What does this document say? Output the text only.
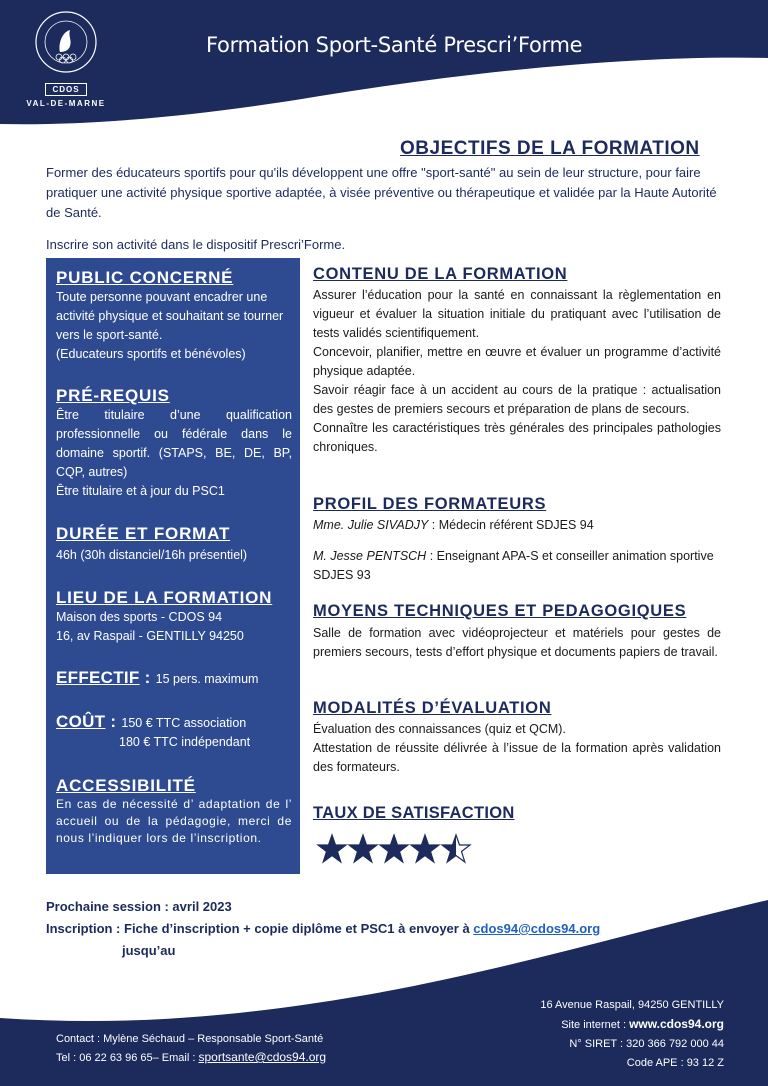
CDOS
VAL-DE-MARNE
Formation Sport-Santé Prescri’Forme
OBJECTIFS DE LA FORMATION

Former des éducateurs sportifs pour qu'ils développent une offre "sport-santé" au sein de leur structure, pour faire pratiquer une activité physique sportive adaptée, à visée préventive ou thérapeutique et validée par la Haute Autorité de Santé.

Inscrire son activité dans le dispositif Prescri’Forme.

PUBLIC CONCERNÉ

Toute personne pouvant encadrer une activité physique et souhaitant se tourner vers le sport-santé.

(Educateurs sportifs et bénévoles)

PRÉ-REQUIS

Être titulaire d’une qualification professionnelle ou fédérale dans le domaine sportif. (STAPS, BE, DE, BP, CQP, autres)

Être titulaire et à jour du PSC1

DURÉE ET FORMAT
46h (30h distanciel/16h présentiel)
LIEU DE LA FORMATION

Maison des sports - CDOS 94

16, av Raspail - GENTILLY 94250

EFFECTIF : 15 pers. maximum
COÛT : 150 € TTC association
180 € TTC indépendant
ACCESSIBILITÉ
En cas de nécessité d’ adaptation de l’ accueil ou de la pédagogie, merci de nous l’indiquer lors de l’inscription.
CONTENU DE LA FORMATION

Assurer l’éducation pour la santé en connaissant la règlementation en vigueur et évaluer la situation initiale du pratiquant avec l’utilisation de tests validés scientifiquement.

Concevoir, planifier, mettre en œuvre et évaluer un programme d’activité physique adaptée.

Savoir réagir face à un accident au cours de la pratique : actualisation des gestes de premiers secours et préparation de plans de secours.

Connaître les caractéristiques très générales des principales pathologies chroniques.

PROFIL DES FORMATEURS

Mme. Julie SIVADJY : Médecin référent SDJES 94

M. Jesse PENTSCH : Enseignant APA-S et conseiller animation sportive SDJES 93

MOYENS TECHNIQUES ET PEDAGOGIQUES
Salle de formation avec vidéoprojecteur et matériels pour gestes de premiers secours, tests d’effort physique et documents papiers de travail.
MODALITÉS D’ÉVALUATION

Évaluation des connaissances (quiz et QCM).

Attestation de réussite délivrée à l’issue de la formation après validation des formateurs.

TAUX DE SATISFACTION
Prochaine session : avril 2023
Inscription : Fiche d’inscription + copie diplôme et PSC1 à envoyer à cdos94@cdos94.org
jusqu’au
16 Avenue Raspail, 94250 GENTILLY
Site internet : www.cdos94.org
N° SIRET : 320 366 792 000 44
Code APE : 93 12 Z
Contact : Mylène Séchaud – Responsable Sport-Santé
Tel : 06 22 63 96 65– Email : sportsante@cdos94.org
